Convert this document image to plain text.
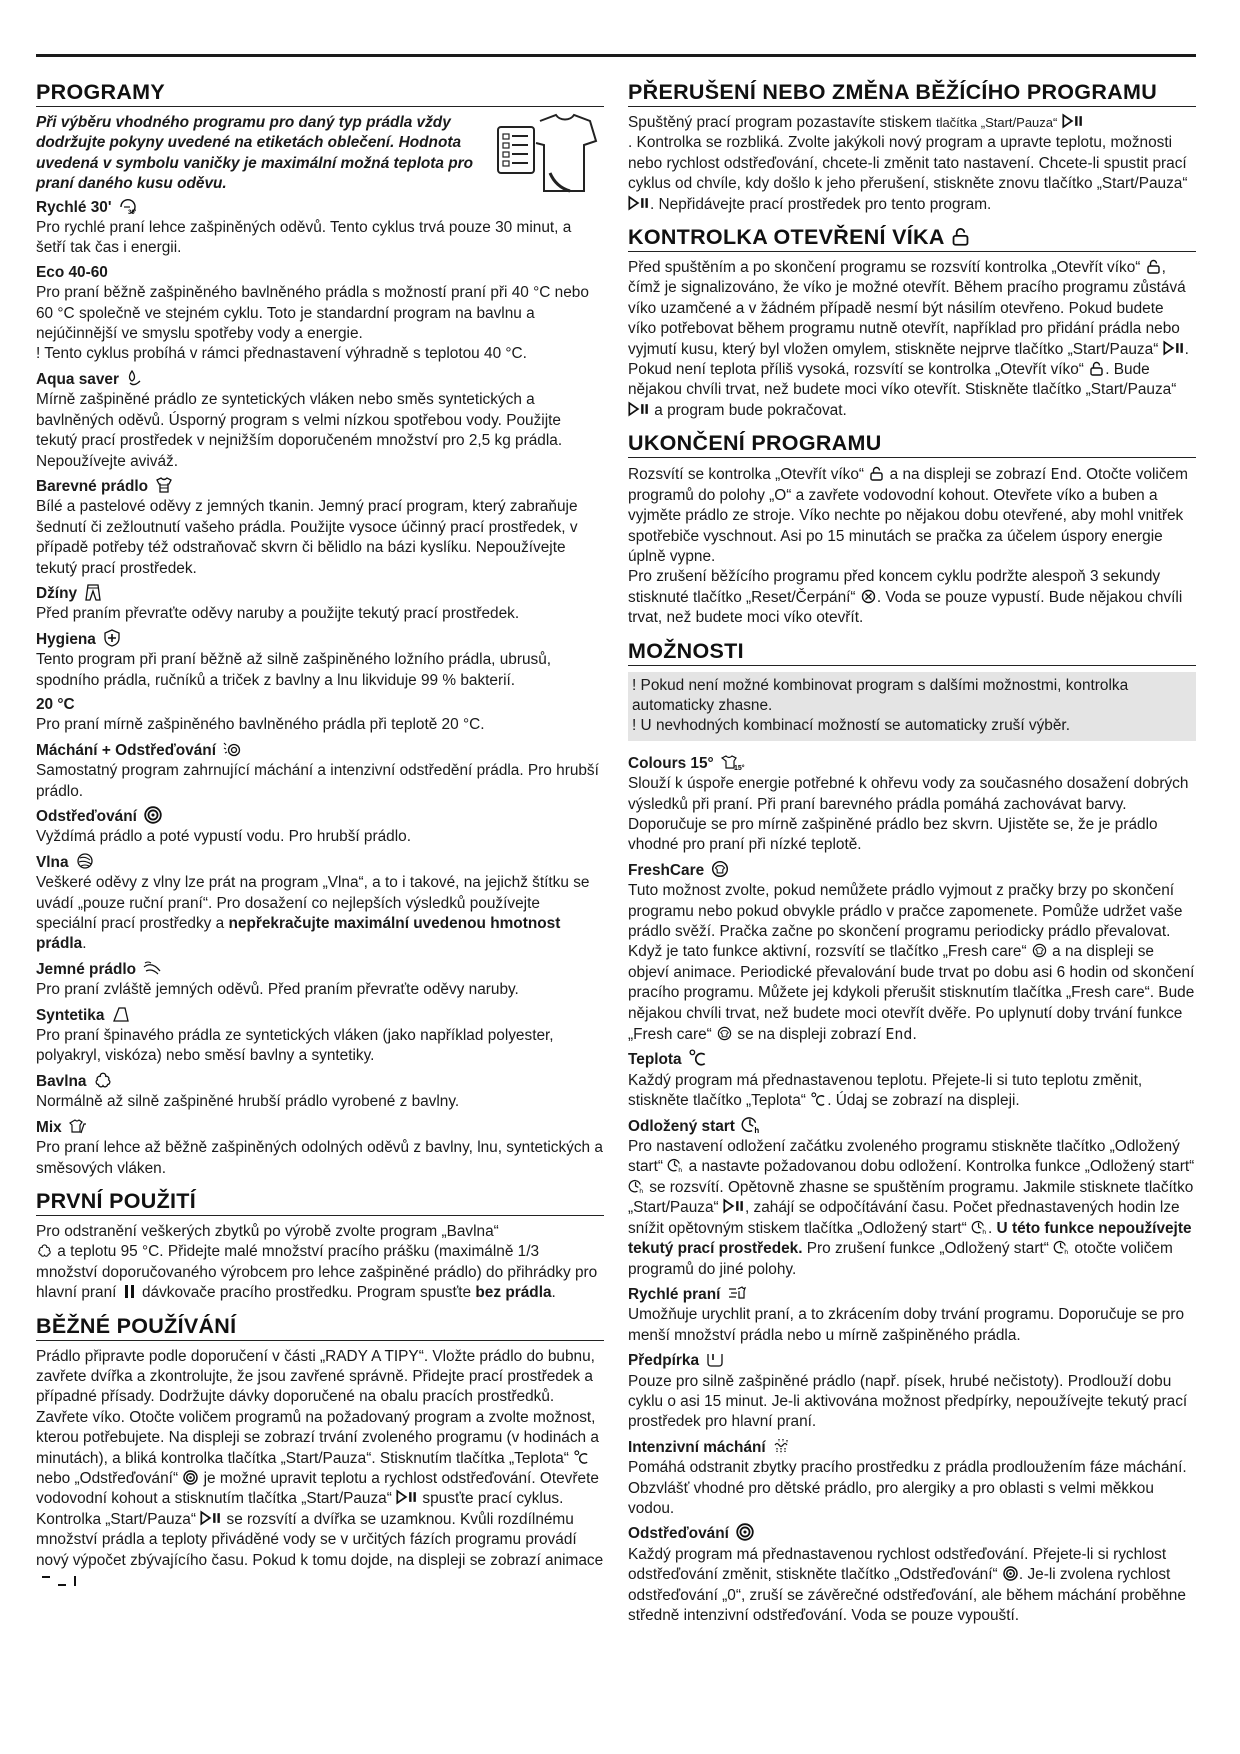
PROGRAMY
Při výběru vhodného programu pro daný typ prádla vždy dodržujte pokyny uvedené na etiketách oblečení. Hodnota uvedená v symbolu vaničky je maximální možná teplota pro praní daného kusu oděvu.
Rychlé 30'	30'

Pro rychlé praní lehce zašpiněných oděvů. Tento cyklus trvá pouze 30 minut, a šetří tak čas i energii.

Eco 40-60

Pro praní běžně zašpiněného bavlněného prádla s možností praní při 40 °C nebo 60 °C společně ve stejném cyklu. Toto je standardní program na bavlnu a nejúčinnější ve smyslu spotřeby vody a energie.

! Tento cyklus probíhá v rámci přednastavení výhradně s teplotou 40 °C.

Aqua saver

Mírně zašpiněné prádlo ze syntetických vláken nebo směs syntetických a bavlněných oděvů. Úsporný program s velmi nízkou spotřebou vody. Použijte tekutý prací prostředek v nejnižším doporučeném množství pro 2,5 kg prádla. Nepoužívejte aviváž.

Barevné prádlo

Bílé a pastelové oděvy z jemných tkanin. Jemný prací program, který zabraňuje šednutí či zežloutnutí vašeho prádla. Použijte vysoce účinný prací prostředek, v případě potřeby též odstraňovač skvrn či bělidlo na bázi kyslíku. Nepoužívejte tekutý prací prostředek.

Džíny

Před praním převraťte oděvy naruby a použijte tekutý prací prostředek.

Hygiena

Tento program při praní běžně až silně zašpiněného ložního prádla, ubrusů, spodního prádla, ručníků a triček z bavlny a lnu likviduje 99 % bakterií.

20 °C

Pro praní mírně zašpiněného bavlněného prádla při teplotě 20 °C.

Máchání + Odstřeďování

Samostatný program zahrnující máchání a intenzivní odstředění prádla. Pro hrubší
prádlo.

Odstřeďování

Vyždímá prádlo a poté vypustí vodu. Pro hrubší prádlo.

Vlna

Veškeré oděvy z vlny lze prát na program „Vlna“, a to i takové, na jejichž štítku se uvádí „pouze ruční praní“. Pro dosažení co nejlepších výsledků používejte speciální prací prostředky a nepřekračujte maximální uvedenou hmotnost prádla.

Jemné prádlo

Pro praní zvláště jemných oděvů. Před praním převraťte oděvy naruby.

Syntetika

Pro praní špinavého prádla ze syntetických vláken (jako například polyester, polyakryl, viskóza) nebo směsí bavlny a syntetiky.

Bavlna

Normálně až silně zašpiněné hrubší prádlo vyrobené z bavlny.

Mix

Pro praní lehce až běžně zašpiněných odolných oděvů z bavlny, lnu, syntetických a směsových vláken.

PRVNÍ POUŽITÍ

Pro odstranění veškerých zbytků po výrobě zvolte program „Bavlna“
a teplotu 95 °C. Přidejte malé množství pracího prášku (maximálně 1/3 množství doporučovaného výrobcem pro lehce zašpiněné prádlo) do přihrádky pro hlavní praní  dávkovače pracího prostředku. Program spusťte bez prádla.

BĚŽNÉ POUŽÍVÁNÍ

Prádlo připravte podle doporučení v části „RADY A TIPY“. Vložte prádlo do bubnu, zavřete dvířka a zkontrolujte, že jsou zavřené správně. Přidejte prací prostředek a případné přísady. Dodržujte dávky doporučené na obalu pracích prostředků. Zavřete víko. Otočte voličem programů na požadovaný program a zvolte možnost, kterou potřebujete. Na displeji se zobrazí trvání zvoleného programu (v hodinách a minutách), a bliká kontrolka tlačítka „Start/Pauza“. Stisknutím tlačítka „Teplota“  nebo „Odstřeďování“  je možné upravit teplotu a rychlost odstřeďování. Otevřete vodovodní kohout a stisknutím tlačítka „Start/Pauza“  spusťte prací cyklus. Kontrolka „Start/Pauza“  se rozsvítí a dvířka se uzamknou. Kvůli rozdílnému množství prádla a teploty přiváděné vody se v určitých fázích programu provádí nový výpočet zbývajícího času. Pokud k tomu dojde, na displeji se zobrazí animace

PŘERUŠENÍ NEBO ZMĚNA BĚŽÍCÍHO PROGRAMU

Spuštěný prací program pozastavíte stiskem tlačítka „Start/Pauza“
. Kontrolka se rozbliká. Zvolte jakýkoli nový program a upravte teplotu, možnosti nebo rychlost odstřeďování, chcete-li změnit tato nastavení. Chcete-li spustit prací cyklus od chvíle, kdy došlo k jeho přerušení, stiskněte znovu tlačítko „Start/Pauza“ . Nepřidávejte prací prostředek pro tento program.

KONTROLKA OTEVŘENÍ VÍKA

Před spuštěním a po skončení programu se rozsvítí kontrolka „Otevřít víko“ , čímž je signalizováno, že víko je možné otevřít. Během pracího programu zůstává víko uzamčené a v žádném případě nesmí být násilím otevřeno. Pokud budete víko potřebovat během programu nutně otevřít, například pro přidání prádla nebo vyjmutí kusu, který byl vložen omylem, stiskněte nejprve tlačítko „Start/Pauza“ . Pokud není teplota příliš vysoká, rozsvítí se kontrolka „Otevřít víko“ . Bude nějakou chvíli trvat, než budete moci víko otevřít. Stiskněte tlačítko „Start/Pauza“  a program bude pokračovat.

UKONČENÍ PROGRAMU

Rozsvítí se kontrolka „Otevřít víko“  a na displeji se zobrazí End. Otočte voličem programů do polohy „O“ a zavřete vodovodní kohout. Otevřete víko a buben a vyjměte prádlo ze stroje. Víko nechte po nějakou dobu otevřené, aby mohl vnitřek spotřebiče vyschnout. Asi po 15 minutách se pračka za účelem úspory energie úplně vypne.

Pro zrušení běžícího programu před koncem cyklu podržte alespoň 3 sekundy stisknuté tlačítko „Reset/Čerpání“ . Voda se pouze vypustí. Bude nějakou chvíli trvat, než budete moci víko otevřít.

MOŽNOSTI

! Pokud není možné kombinovat program s dalšími možnostmi, kontrolka automaticky zhasne.

! U nevhodných kombinací možností se automaticky zruší výběr.

Colours 15°	15°

Slouží k úspoře energie potřebné k ohřevu vody za současného dosažení dobrých výsledků při praní. Při praní barevného prádla pomáhá zachovávat barvy. Doporučuje se pro mírně zašpiněné prádlo bez skvrn. Ujistěte se, že je prádlo vhodné pro praní při nízké teplotě.

FreshCare

Tuto možnost zvolte, pokud nemůžete prádlo vyjmout z pračky brzy po skončení programu nebo pokud obvykle prádlo v pračce zapomenete. Pomůže udržet vaše prádlo svěží. Pračka začne po skončení programu periodicky prádlo převalovat. Když je tato funkce aktivní, rozsvítí se tlačítko „Fresh care“  a na displeji se objeví animace. Periodické převalování bude trvat po dobu asi 6 hodin od skončení pracího programu. Můžete jej kdykoli přerušit stisknutím tlačítka „Fresh care“. Bude nějakou chvíli trvat, než budete moci otevřít dvěře. Po uplynutí doby trvání funkce „Fresh care“  se na displeji zobrazí End.

Teplota

Každý program má přednastavenou teplotu. Přejete-li si tuto teplotu změnit, stiskněte tlačítko „Teplota“ . Údaj se zobrazí na displeji.

Odložený start

Pro nastavení odložení začátku zvoleného programu stiskněte tlačítko „Odložený start“  a nastavte požadovanou dobu odložení. Kontrolka funkce „Odložený start“  se rozsvítí. Opětovně zhasne se spuštěním programu. Jakmile stisknete tlačítko „Start/Pauza“ , zahájí se odpočítávání času. Počet přednastavených hodin lze snížit opětovným stiskem tlačítka „Odložený start“ . U této funkce nepoužívejte tekutý prací prostředek. Pro zrušení funkce „Odložený start“  otočte voličem programů do jiné polohy.

Rychlé praní

Umožňuje urychlit praní, a to zkrácením doby trvání programu. Doporučuje se pro menší množství prádla nebo u mírně zašpiněného prádla.

Předpírka

Pouze pro silně zašpiněné prádlo (např. písek, hrubé nečistoty). Prodlouží dobu cyklu o asi 15 minut. Je-li aktivována možnost předpírky, nepoužívejte tekutý prací prostředek pro hlavní praní.

Intenzivní máchání

Pomáhá odstranit zbytky pracího prostředku z prádla prodloužením fáze máchání. Obzvlášť vhodné pro dětské prádlo, pro alergiky a pro oblasti s velmi měkkou vodou.

Odstřeďování

Každý program má přednastavenou rychlost odstřeďování. Přejete-li si rychlost odstřeďování změnit, stiskněte tlačítko „Odstřeďování“ . Je-li zvolena rychlost odstřeďování „0“, zruší se závěrečné odstřeďování, ale během máchání proběhne středně intenzivní odstřeďování. Voda se pouze vypouští.
